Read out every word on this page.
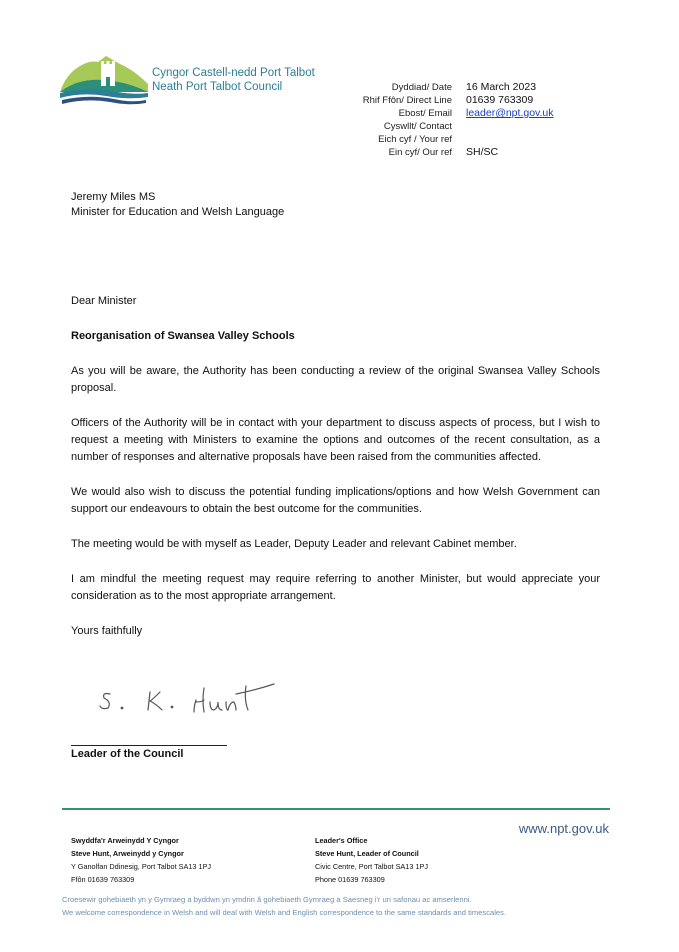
Cyngor Castell-nedd Port Talbot
Neath Port Talbot Council	Dyddiad/ Date	16 March 2023
Rhif Ffôn/ Direct Line	01639 763309
Ebost/ Email	leader@npt.gov.uk
Cyswllt/ Contact
Eich cyf / Your ref
Ein cyf/ Our ref	SH/SC
Jeremy Miles MS
Minister for Education and Welsh Language

Dear Minister

Reorganisation of Swansea Valley Schools

As you will be aware, the Authority has been conducting a review of the original Swansea Valley Schools proposal.

Officers of the Authority will be in contact with your department to discuss aspects of process, but I wish to request a meeting with Ministers to examine the options and outcomes of the recent consultation, as a number of responses and alternative proposals have been raised from the communities affected.

We would also wish to discuss the potential funding implications/options and how Welsh Government can support our endeavours to obtain the best outcome for the communities.

The meeting would be with myself as Leader, Deputy Leader and relevant Cabinet member.

I am mindful the meeting request may require referring to another Minister, but would appreciate your consideration as to the most appropriate arrangement.

Yours faithfully

Leader of the Council
www.npt.gov.uk
Swyddfa'r Arweinydd Y Cyngor
Steve Hunt, Arweinydd y Cyngor
Y Ganolfan Ddinesig, Port Talbot SA13 1PJ
Ffôn 01639 763309
Leader's Office
Steve Hunt, Leader of Council
Civic Centre, Port Talbot SA13 1PJ
Phone 01639 763309
Croesewir gohebiaeth yn y Gymraeg a byddwn yn ymdrin â gohebiaeth Gymraeg a Saesneg i'r un safonau ac amserlenni.
We welcome correspondence in Welsh and will deal with Welsh and English correspondence to the same standards and timescales.
